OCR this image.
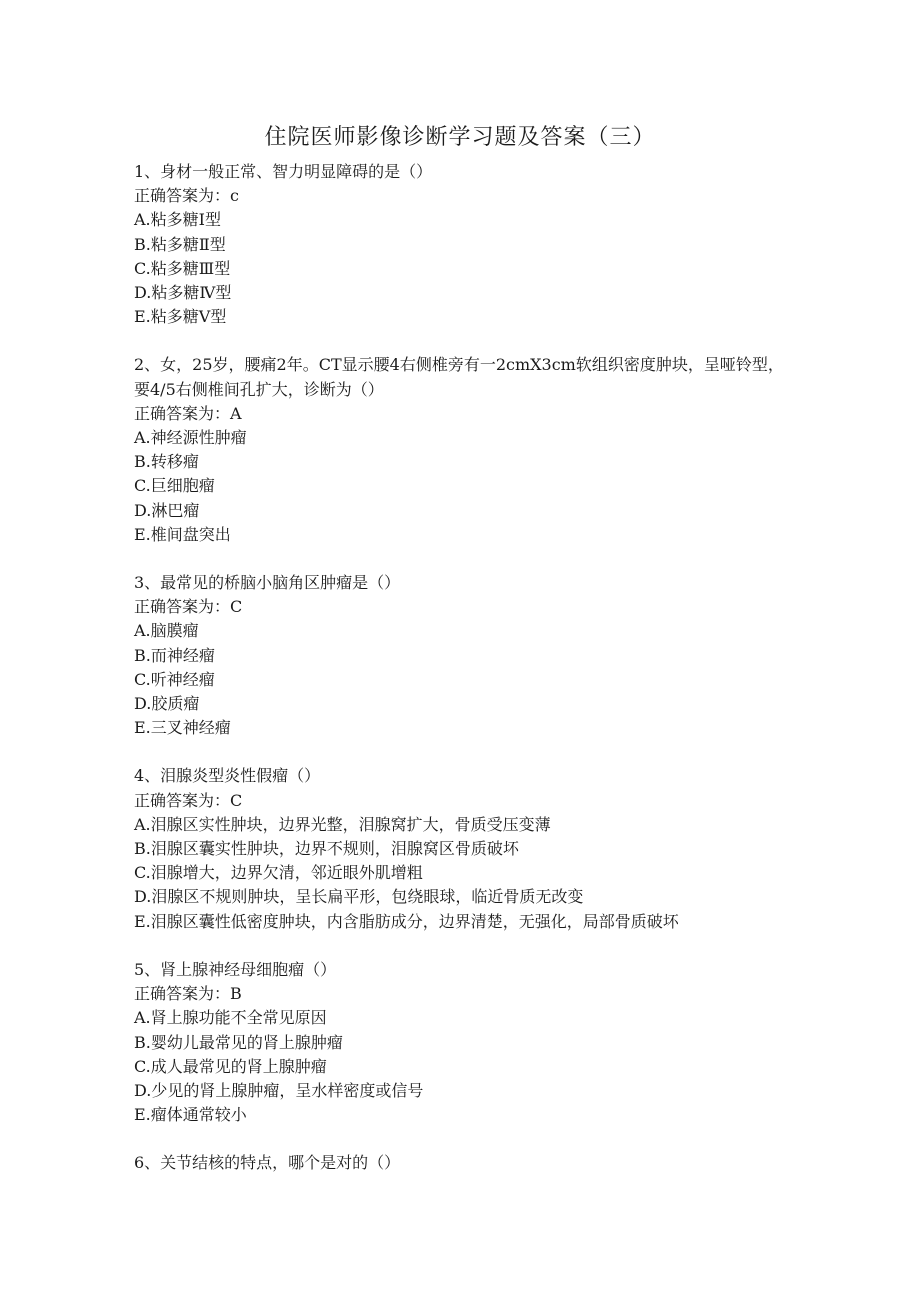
住院医师影像诊断学习题及答案（三）

1、身材一般正常、智力明显障碍的是（）

正确答案为：c

A.粘多糖Ⅰ型
B.粘多糖Ⅱ型
C.粘多糖Ⅲ型
D.粘多糖Ⅳ型
E.粘多糖Ⅴ型

2、女，25岁，腰痛2年。CT显示腰4右侧椎旁有一2cmX3cm软组织密度肿块，呈哑铃型，要4/5右侧椎间孔扩大，诊断为（）

正确答案为：A

A.神经源性肿瘤
B.转移瘤
C.巨细胞瘤
D.淋巴瘤
E.椎间盘突出

3、最常见的桥脑小脑角区肿瘤是（）

正确答案为：C

A.脑膜瘤
B.而神经瘤
C.听神经瘤
D.胶质瘤
E.三叉神经瘤

4、泪腺炎型炎性假瘤（）

正确答案为：C

A.泪腺区实性肿块，边界光整，泪腺窝扩大，骨质受压变薄
B.泪腺区囊实性肿块，边界不规则，泪腺窝区骨质破坏
C.泪腺增大，边界欠清，邻近眼外肌增粗
D.泪腺区不规则肿块，呈长扁平形，包绕眼球，临近骨质无改变
E.泪腺区囊性低密度肿块，内含脂肪成分，边界清楚，无强化，局部骨质破坏

5、肾上腺神经母细胞瘤（）

正确答案为：B

A.肾上腺功能不全常见原因
B.婴幼儿最常见的肾上腺肿瘤
C.成人最常见的肾上腺肿瘤
D.少见的肾上腺肿瘤，呈水样密度或信号
E.瘤体通常较小

6、关节结核的特点，哪个是对的（）
